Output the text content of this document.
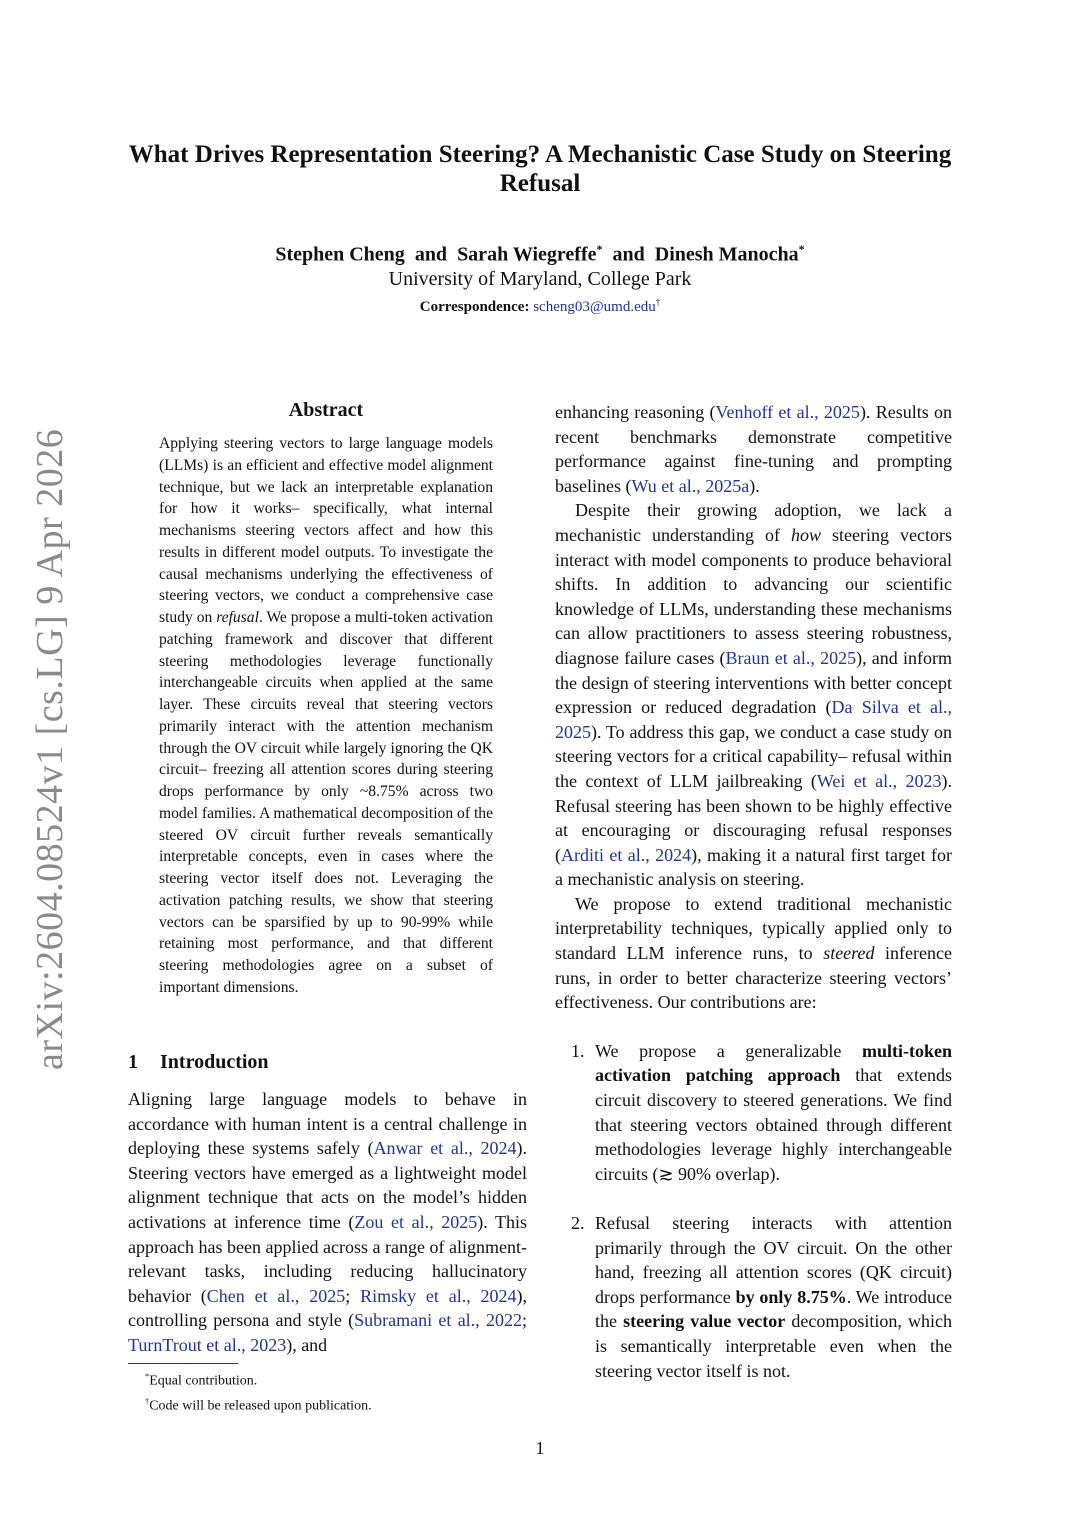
arXiv:2604.08524v1 [cs.LG] 9 Apr 2026
What Drives Representation Steering? A Mechanistic Case Study on Steering Refusal
Stephen Cheng and Sarah Wiegreffe* and Dinesh Manocha*
University of Maryland, College Park
Correspondence: scheng03@umd.edu†
Abstract

Applying steering vectors to large language models (LLMs) is an efficient and effective model alignment technique, but we lack an interpretable explanation for how it works– specifically, what internal mechanisms steering vectors affect and how this results in different model outputs. To investigate the causal mechanisms underlying the effectiveness of steering vectors, we conduct a comprehensive case study on refusal. We propose a multi-token activation patching framework and discover that different steering methodologies leverage functionally interchangeable circuits when applied at the same layer. These circuits reveal that steering vectors primarily interact with the attention mechanism through the OV circuit while largely ignoring the QK circuit– freezing all attention scores during steering drops performance by only ~8.75% across two model families. A mathematical decomposition of the steered OV circuit further reveals semantically interpretable concepts, even in cases where the steering vector itself does not. Leveraging the activation patching results, we show that steering vectors can be sparsified by up to 90-99% while retaining most performance, and that different steering methodologies agree on a subset of important dimensions.

1 Introduction

Aligning large language models to behave in accordance with human intent is a central challenge in deploying these systems safely (Anwar et al., 2024). Steering vectors have emerged as a lightweight model alignment technique that acts on the model’s hidden activations at inference time (Zou et al., 2025). This approach has been applied across a range of alignment-relevant tasks, including reducing hallucinatory behavior (Chen et al., 2025; Rimsky et al., 2024), controlling persona and style (Subramani et al., 2022; TurnTrout et al., 2023), and

*Equal contribution.
†Code will be released upon publication.

enhancing reasoning (Venhoff et al., 2025). Results on recent benchmarks demonstrate competitive performance against fine-tuning and prompting baselines (Wu et al., 2025a).

Despite their growing adoption, we lack a mechanistic understanding of how steering vectors interact with model components to produce behavioral shifts. In addition to advancing our scientific knowledge of LLMs, understanding these mechanisms can allow practitioners to assess steering robustness, diagnose failure cases (Braun et al., 2025), and inform the design of steering interventions with better concept expression or reduced degradation (Da Silva et al., 2025). To address this gap, we conduct a case study on steering vectors for a critical capability– refusal within the context of LLM jailbreaking (Wei et al., 2023). Refusal steering has been shown to be highly effective at encouraging or discouraging refusal responses (Arditi et al., 2024), making it a natural first target for a mechanistic analysis on steering.

We propose to extend traditional mechanistic interpretability techniques, typically applied only to standard LLM inference runs, to steered inference runs, in order to better characterize steering vectors’ effectiveness. Our contributions are:

1. We propose a generalizable multi-token activation patching approach that extends circuit discovery to steered generations. We find that steering vectors obtained through different methodologies leverage highly interchangeable circuits (≳ 90% overlap).
2. Refusal steering interacts with attention primarily through the OV circuit. On the other hand, freezing all attention scores (QK circuit) drops performance by only 8.75%. We introduce the steering value vector decomposition, which is semantically interpretable even when the steering vector itself is not.
1
